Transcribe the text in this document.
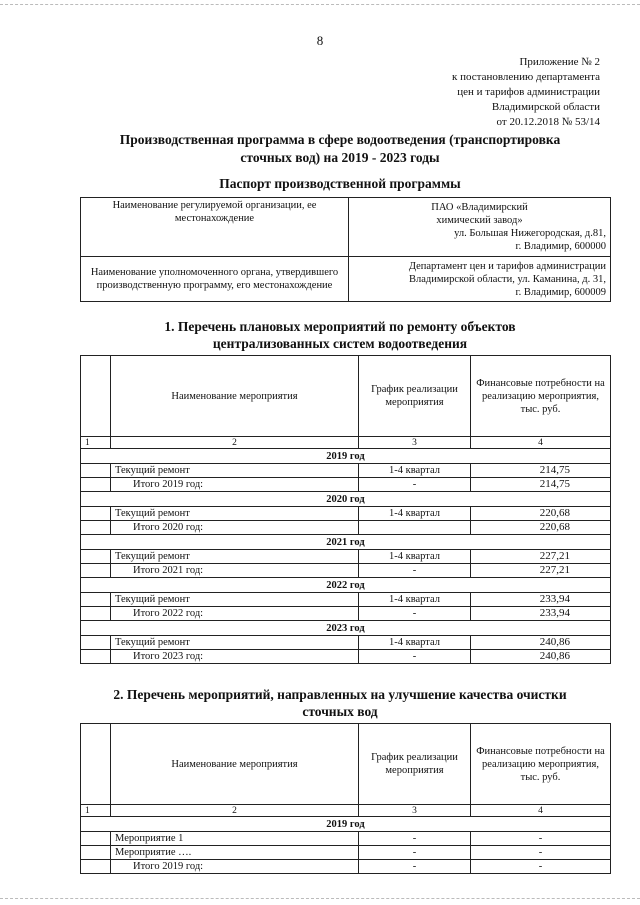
8
Приложение № 2
к постановлению департамента
цен и тарифов администрации
Владимирской области
от 20.12.2018 № 53/14
Производственная программа в сфере водоотведения (транспортировка
сточных вод) на 2019 - 2023 годы
Паспорт производственной программы
Наименование регулируемой организации, ее местонахождение	ПАО «Владимирский
химический завод»
ул. Большая Нижегородская, д.81,
г. Владимир, 600000

Наименование уполномоченного органа, утвердившего производственную программу, его местонахождение	Департамент цен и тарифов администрации
Владимирской области, ул. Каманина, д. 31,
г. Владимир, 600009
1. Перечень плановых мероприятий по ремонту объектов
централизованных систем водоотведения
	Наименование мероприятия	График реализации мероприятия	Финансовые потребности на реализацию мероприятия, тыс. руб.
1	2	3	4
2019 год			
	Текущий ремонт	1-4 квартал	214,75
	Итого 2019 год:	-	214,75
2020 год			
	Текущий ремонт	1-4 квартал	220,68
	Итого 2020 год:		220,68
2021 год			
	Текущий ремонт	1-4 квартал	227,21
	Итого 2021 год:	-	227,21
2022 год			
	Текущий ремонт	1-4 квартал	233,94
	Итого 2022 год:	-	233,94
2023 год			
	Текущий ремонт	1-4 квартал	240,86
	Итого 2023 год:	-	240,86
2. Перечень мероприятий, направленных на улучшение качества очистки
сточных вод
	Наименование мероприятия	График реализации мероприятия	Финансовые потребности на реализацию мероприятия, тыс. руб.
1	2	3	4
2019 год			
	Мероприятие 1	-	-
	Мероприятие ….	-	-
	Итого 2019 год:	-	-
